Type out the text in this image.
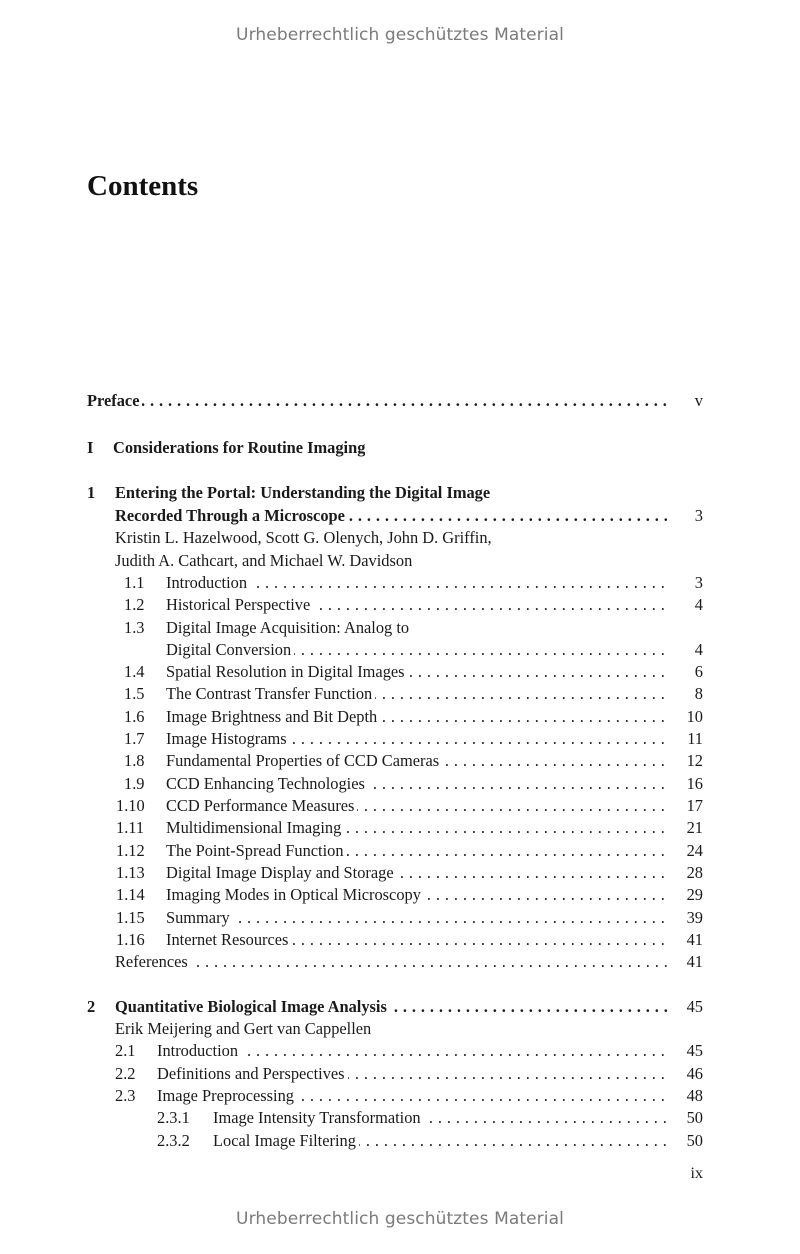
Urheberrechtlich geschütztes Material
Contents
Preface . . .	v
I Considerations for Routine Imaging
1 Entering the Portal: Understanding the Digital Image
Recorded Through a Microscope . . .	3
Kristin L. Hazelwood, Scott G. Olenych, John D. Griffin,
Judith A. Cathcart, and Michael W. Davidson
1.1 Introduction . . .	3
1.2 Historical Perspective . . .	4
1.3 Digital Image Acquisition: Analog to
Digital Conversion . . .	4
1.4 Spatial Resolution in Digital Images . . .	6
1.5 The Contrast Transfer Function . . .	8
1.6 Image Brightness and Bit Depth . . .	10
1.7 Image Histograms . . .	11
1.8 Fundamental Properties of CCD Cameras . . .	12
1.9 CCD Enhancing Technologies . . .	16
1.10 CCD Performance Measures . . .	17
1.11 Multidimensional Imaging . . .	21
1.12 The Point-Spread Function . . .	24
1.13 Digital Image Display and Storage . . .	28
1.14 Imaging Modes in Optical Microscopy . . .	29
1.15 Summary . . .	39
1.16 Internet Resources . . .	41
References . . .	41
2 Quantitative Biological Image Analysis . . .	45
Erik Meijering and Gert van Cappellen
2.1 Introduction . . .	45
2.2 Definitions and Perspectives . . .	46
2.3 Image Preprocessing . . .	48
2.3.1 Image Intensity Transformation . . .	50
2.3.2 Local Image Filtering . . .	50
ix
Urheberrechtlich geschütztes Material
